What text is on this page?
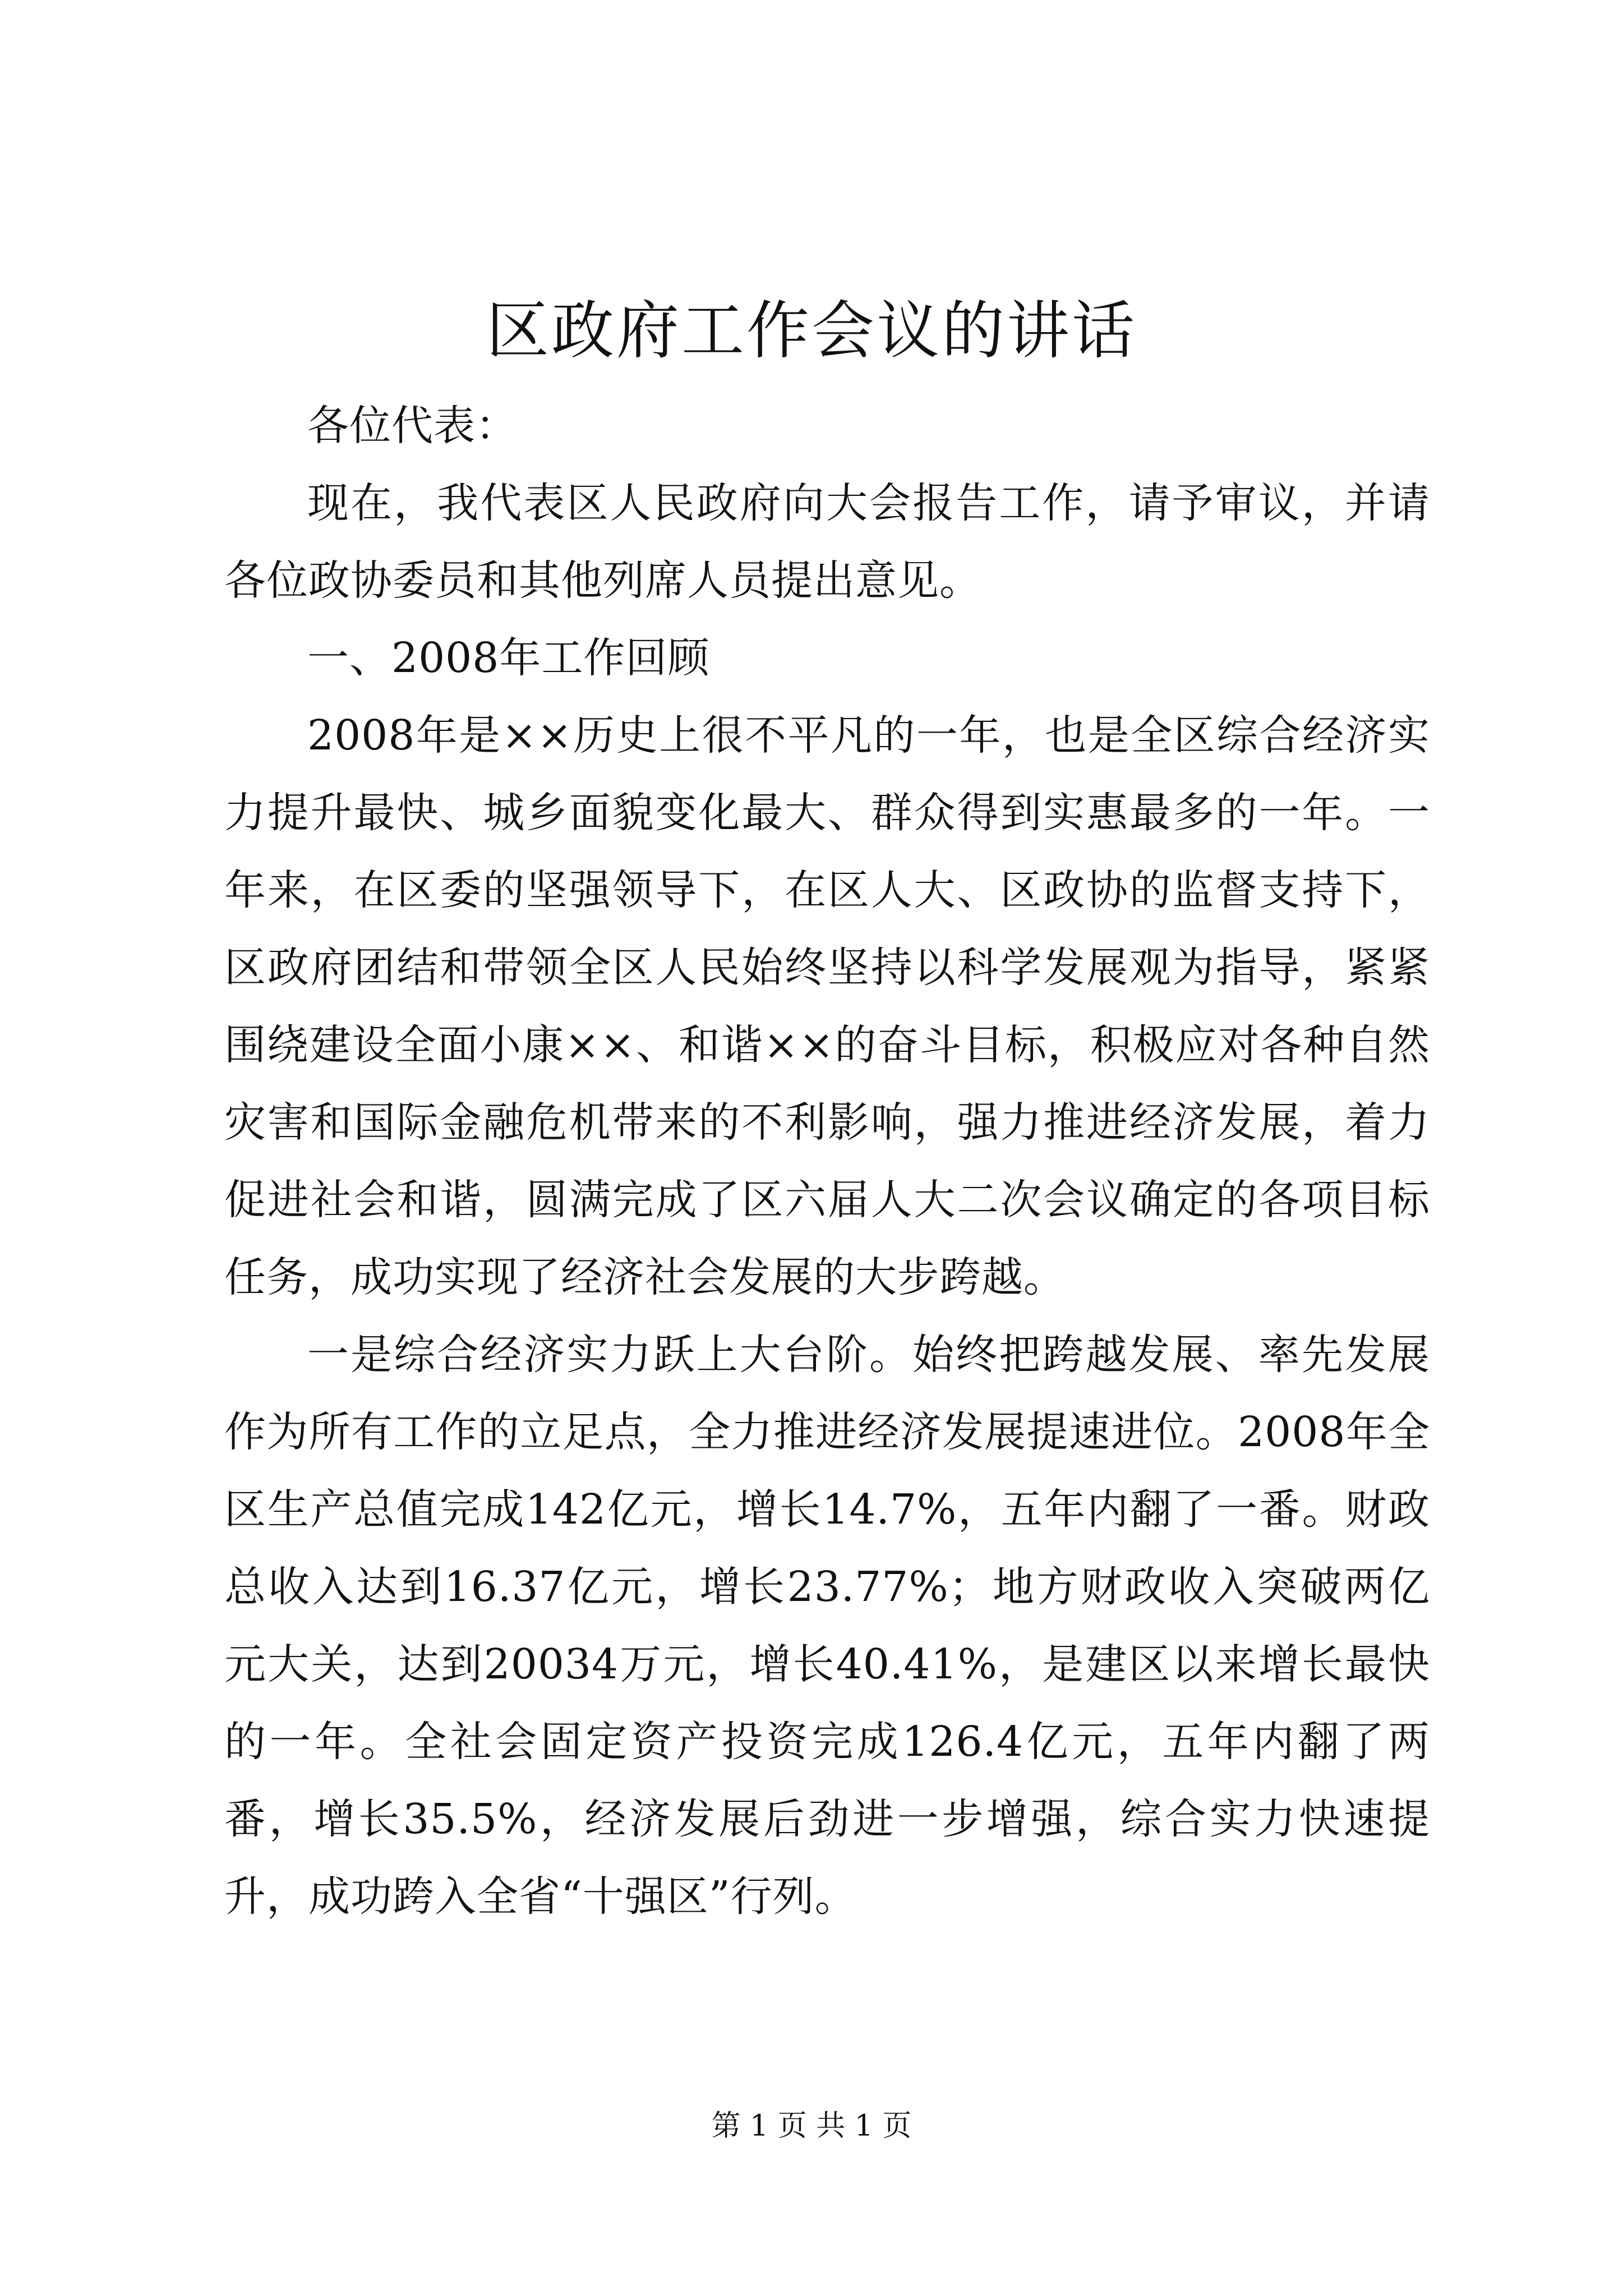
区政府工作会议的讲话

各位代表：

现在，我代表区人民政府向大会报告工作，请予审议，并请各位政协委员和其他列席人员提出意见。

一、2008年工作回顾

2008年是××历史上很不平凡的一年，也是全区综合经济实力提升最快、城乡面貌变化最大、群众得到实惠最多的一年。一年来，在区委的坚强领导下，在区人大、区政协的监督支持下，区政府团结和带领全区人民始终坚持以科学发展观为指导，紧紧围绕建设全面小康××、和谐××的奋斗目标，积极应对各种自然灾害和国际金融危机带来的不利影响，强力推进经济发展，着力促进社会和谐，圆满完成了区六届人大二次会议确定的各项目标任务，成功实现了经济社会发展的大步跨越。

一是综合经济实力跃上大台阶。始终把跨越发展、率先发展作为所有工作的立足点，全力推进经济发展提速进位。2008年全区生产总值完成142亿元，增长14.7%，五年内翻了一番。财政总收入达到16.37亿元，增长23.77%；地方财政收入突破两亿元大关，达到20034万元，增长40.41%，是建区以来增长最快的一年。全社会固定资产投资完成126.4亿元，五年内翻了两番，增长35.5%，经济发展后劲进一步增强，综合实力快速提升，成功跨入全省“十强区”行列。

第 1 页 共 1 页
